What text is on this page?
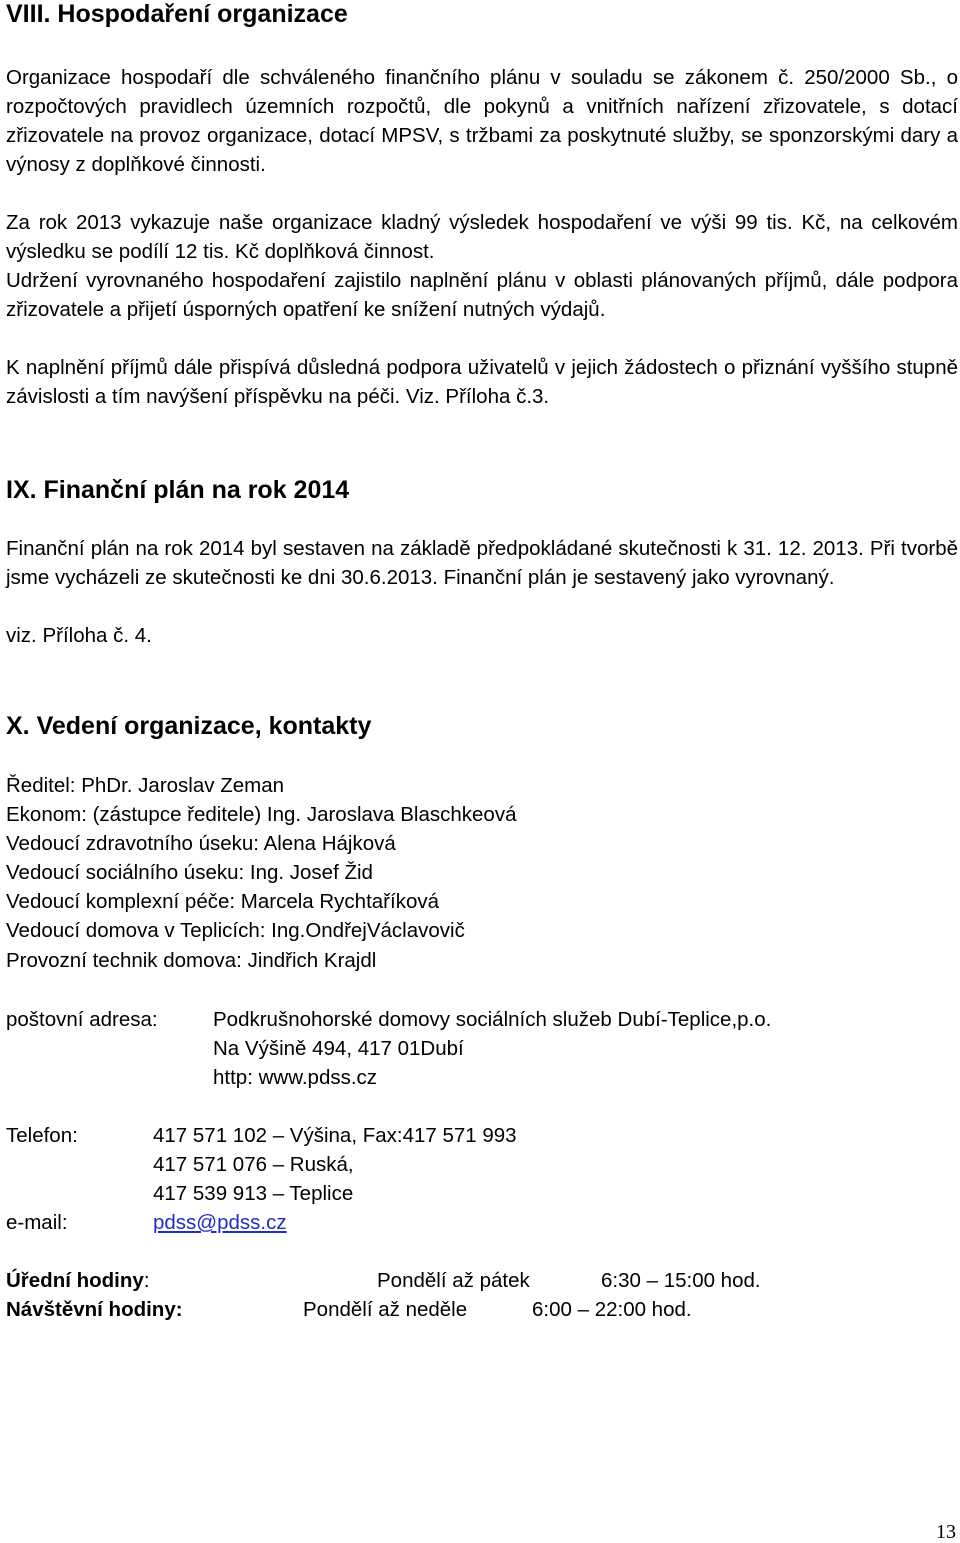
VIII. Hospodaření organizace
Organizace hospodaří dle schváleného finančního plánu v souladu se zákonem č. 250/2000 Sb., o rozpočtových pravidlech územních rozpočtů, dle pokynů a vnitřních nařízení zřizovatele, s dotací zřizovatele na provoz organizace, dotací MPSV, s tržbami za poskytnuté služby, se sponzorskými dary a výnosy z doplňkové činnosti.
Za rok 2013 vykazuje naše organizace kladný výsledek hospodaření ve výši 99 tis. Kč, na celkovém výsledku se podílí 12 tis. Kč doplňková činnost.
Udržení vyrovnaného hospodaření zajistilo naplnění plánu v oblasti plánovaných příjmů, dále podpora zřizovatele a přijetí úsporných opatření ke snížení nutných výdajů.
K naplnění příjmů dále přispívá důsledná podpora uživatelů v jejich žádostech o přiznání vyššího stupně závislosti a tím navýšení příspěvku na péči. Viz. Příloha č.3.
IX. Finanční plán na rok 2014
Finanční plán na rok 2014 byl sestaven na základě předpokládané skutečnosti k 31. 12. 2013. Při tvorbě jsme vycházeli ze skutečnosti ke dni 30.6.2013. Finanční plán je sestavený jako vyrovnaný.
viz. Příloha č. 4.
X. Vedení organizace, kontakty
Ředitel: PhDr. Jaroslav Zeman
Ekonom: (zástupce ředitele) Ing. Jaroslava Blaschkeová
Vedoucí zdravotního úseku: Alena Hájková
Vedoucí sociálního úseku: Ing. Josef Žid
Vedoucí komplexní péče: Marcela Rychtaříková
Vedoucí domova v Teplicích: Ing.OndřejVáclavovič
Provozní technik domova: Jindřich Krajdl
poštovní adresa:	Podkrušnohorské domovy sociálních služeb Dubí-Teplice,p.o.
Na Výšině 494, 417 01Dubí
http: www.pdss.cz
Telefon:	417 571 102 – Výšina, Fax:417 571 993
417 571 076 – Ruská,
417 539 913 – Teplice
e-mail:	pdss@pdss.cz
Úřední hodiny:	Pondělí až pátek	6:30 – 15:00 hod.
Návštěvní hodiny:	Pondělí až neděle	6:00 – 22:00 hod.
13
